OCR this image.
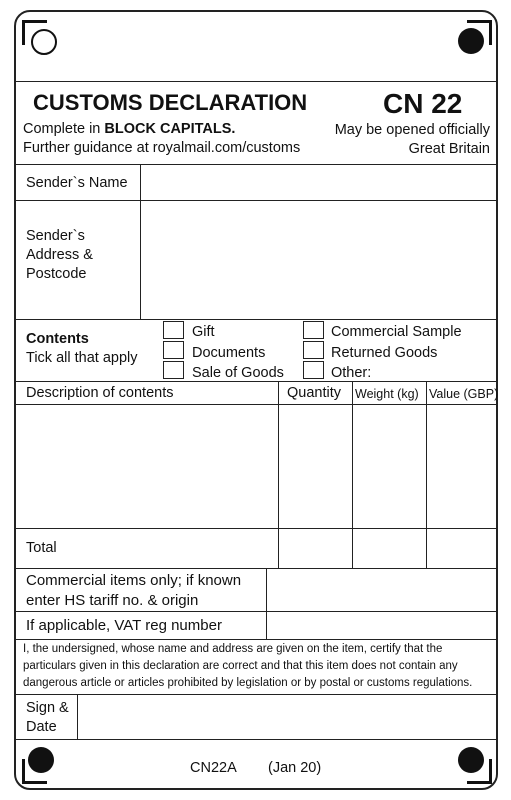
CUSTOMS DECLARATION	CN 22
Complete in BLOCK CAPITALS.
Further guidance at royalmail.com/customs
May be opened officially
Great Britain
Sender`s Name
Sender`s
Address &
Postcode
Contents
Tick all that apply
Gift
Documents
Sale of Goods
Commercial Sample
Returned Goods
Other:
Description of contents	Quantity Weight (kg) Value (GBP)
Total
Commercial items only; if known
enter HS tariff no. & origin
If applicable, VAT reg number
I, the undersigned, whose name and address are given on the item, certify that the
particulars given in this declaration are correct and that this item does not contain any
dangerous article or articles prohibited by legislation or by postal or customs regulations.
Sign &
Date
CN22A (Jan 20)
